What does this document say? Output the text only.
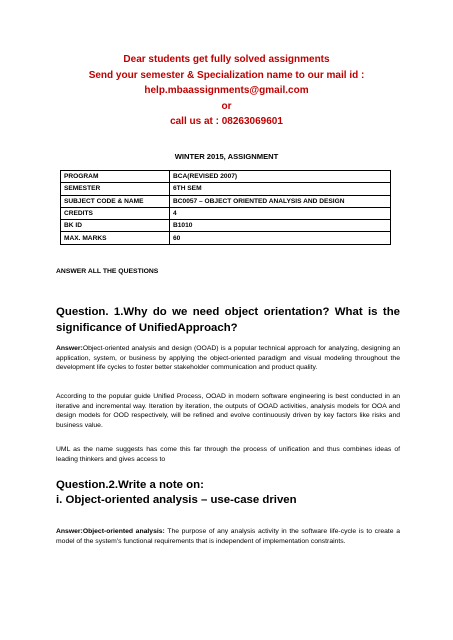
Dear students get fully solved assignments
Send your semester & Specialization name to our mail id :
help.mbaassignments@gmail.com
or
call us at : 08263069601
WINTER 2015, ASSIGNMENT
PROGRAM	BCA(REVISED 2007)
SEMESTER	6TH SEM
SUBJECT CODE & NAME	BC0057 – OBJECT ORIENTED ANALYSIS AND DESIGN
CREDITS	4
BK ID	B1010
MAX. MARKS	60
ANSWER ALL THE QUESTIONS
Question. 1.Why do we need object orientation? What is the significance of UnifiedApproach?
Answer:Object-oriented analysis and design (OOAD) is a popular technical approach for analyzing, designing an application, system, or business by applying the object-oriented paradigm and visual modeling throughout the development life cycles to foster better stakeholder communication and product quality.
According to the popular guide Unified Process, OOAD in modern software engineering is best conducted in an iterative and incremental way. Iteration by iteration, the outputs of OOAD activities, analysis models for OOA and design models for OOD respectively, will be refined and evolve continuously driven by key factors like risks and business value.
UML as the name suggests has come this far through the process of unification and thus combines ideas of leading thinkers and gives access to
Question.2.Write a note on:
i. Object-oriented analysis – use-case driven
Answer:Object-oriented analysis: The purpose of any analysis activity in the software life-cycle is to create a model of the system's functional requirements that is independent of implementation constraints.
